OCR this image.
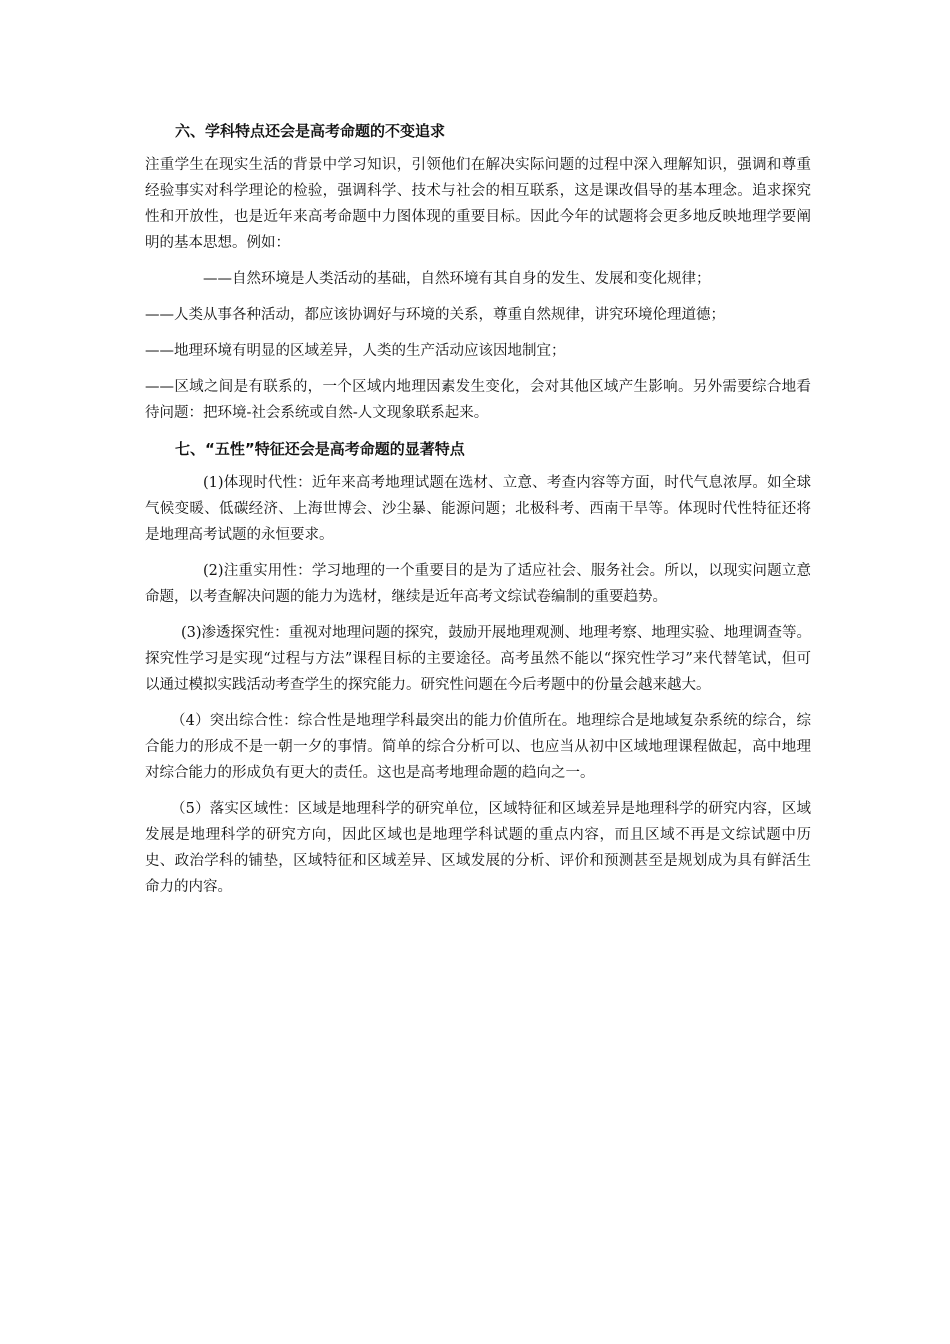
六、学科特点还会是高考命题的不变追求

注重学生在现实生活的背景中学习知识，引领他们在解决实际问题的过程中深入理解知识，强调和尊重经验事实对科学理论的检验，强调科学、技术与社会的相互联系，这是课改倡导的基本理念。追求探究性和开放性，也是近年来高考命题中力图体现的重要目标。因此今年的试题将会更多地反映地理学要阐明的基本思想。例如：

——自然环境是人类活动的基础，自然环境有其自身的发生、发展和变化规律；
——人类从事各种活动，都应该协调好与环境的关系，尊重自然规律，讲究环境伦理道德；
——地理环境有明显的区域差异，人类的生产活动应该因地制宜；

——区域之间是有联系的，一个区域内地理因素发生变化，会对其他区域产生影响。另外需要综合地看待问题：把环境-社会系统或自然-人文现象联系起来。

七、“五性”特征还会是高考命题的显著特点

(1)体现时代性：近年来高考地理试题在选材、立意、考查内容等方面，时代气息浓厚。如全球气候变暖、低碳经济、上海世博会、沙尘暴、能源问题；北极科考、西南干旱等。体现时代性特征还将是地理高考试题的永恒要求。

(2)注重实用性：学习地理的一个重要目的是为了适应社会、服务社会。所以，以现实问题立意命题，以考查解决问题的能力为选材，继续是近年高考文综试卷编制的重要趋势。

(3)渗透探究性：重视对地理问题的探究，鼓励开展地理观测、地理考察、地理实验、地理调查等。探究性学习是实现“过程与方法”课程目标的主要途径。高考虽然不能以“探究性学习”来代替笔试，但可以通过模拟实践活动考查学生的探究能力。研究性问题在今后考题中的份量会越来越大。

（4）突出综合性：综合性是地理学科最突出的能力价值所在。地理综合是地域复杂系统的综合，综合能力的形成不是一朝一夕的事情。简单的综合分析可以、也应当从初中区域地理课程做起，高中地理对综合能力的形成负有更大的责任。这也是高考地理命题的趋向之一。

（5）落实区域性：区域是地理科学的研究单位，区域特征和区域差异是地理科学的研究内容，区域发展是地理科学的研究方向，因此区域也是地理学科试题的重点内容，而且区域不再是文综试题中历史、政治学科的铺垫，区域特征和区域差异、区域发展的分析、评价和预测甚至是规划成为具有鲜活生命力的内容。
